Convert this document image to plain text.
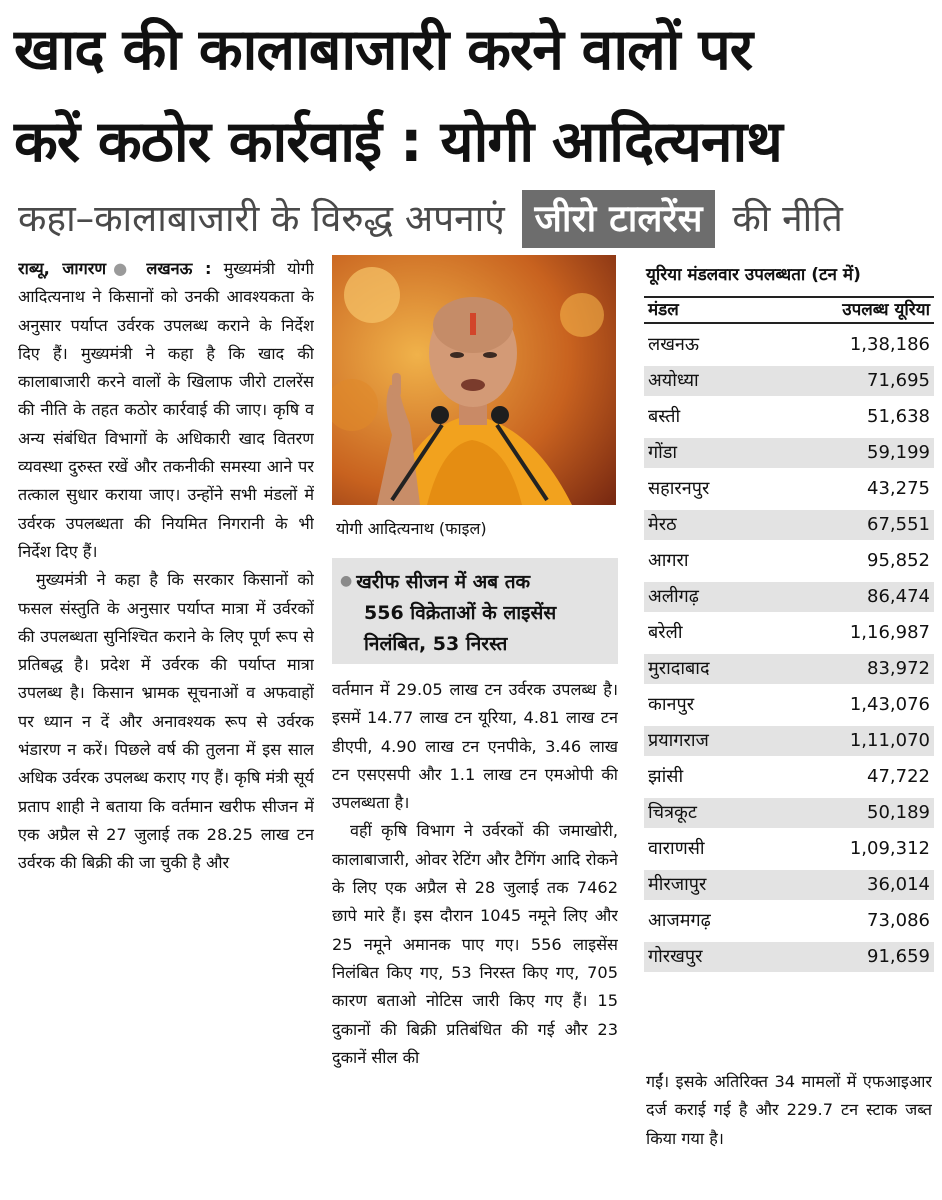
खाद की कालाबाजारी करने वालों पर
करें कठोर कार्रवाई : योगी आदित्यनाथ
कहा–कालाबाजारी के विरुद्ध अपनाएं जीरो टालरेंस की नीति

राब्यू, जागरण● लखनऊ : मुख्यमंत्री योगी आदित्यनाथ ने किसानों को उनकी आवश्यकता के अनुसार पर्याप्त उर्वरक उपलब्ध कराने के निर्देश दिए हैं। मुख्यमंत्री ने कहा है कि खाद की कालाबाजारी करने वालों के खिलाफ जीरो टालरेंस की नीति के तहत कठोर कार्रवाई की जाए। कृषि व अन्य संबंधित विभागों के अधिकारी खाद वितरण व्यवस्था दुरुस्त रखें और तकनीकी समस्या आने पर तत्काल सुधार कराया जाए। उन्होंने सभी मंडलों में उर्वरक उपलब्धता की नियमित निगरानी के भी निर्देश दिए हैं।

मुख्यमंत्री ने कहा है कि सरकार किसानों को फसल संस्तुति के अनुसार पर्याप्त मात्रा में उर्वरकों की उपलब्धता सुनिश्चित कराने के लिए पूर्ण रूप से प्रतिबद्ध है। प्रदेश में उर्वरक की पर्याप्त मात्रा उपलब्ध है। किसान भ्रामक सूचनाओं व अफवाहों पर ध्यान न दें और अनावश्यक रूप से उर्वरक भंडारण न करें। पिछले वर्ष की तुलना में इस साल अधिक उर्वरक उपलब्ध कराए गए हैं। कृषि मंत्री सूर्य प्रताप शाही ने बताया कि वर्तमान खरीफ सीजन में एक अप्रैल से 27 जुलाई तक 28.25 लाख टन उर्वरक की बिक्री की जा चुकी है और

योगी आदित्यनाथ (फाइल)
● खरीफ सीजन में अब तक
556 विक्रेताओं के लाइसेंस
निलंबित, 53 निरस्त

वर्तमान में 29.05 लाख टन उर्वरक उपलब्ध है। इसमें 14.77 लाख टन यूरिया, 4.81 लाख टन डीएपी, 4.90 लाख टन एनपीके, 3.46 लाख टन एसएसपी और 1.1 लाख टन एमओपी की उपलब्धता है।

वहीं कृषि विभाग ने उर्वरकों की जमाखोरी, कालाबाजारी, ओवर रेटिंग और टैगिंग आदि रोकने के लिए एक अप्रैल से 28 जुलाई तक 7462 छापे मारे हैं। इस दौरान 1045 नमूने लिए और 25 नमूने अमानक पाए गए। 556 लाइसेंस निलंबित किए गए, 53 निरस्त किए गए, 705 कारण बताओ नोटिस जारी किए गए हैं। 15 दुकानों की बिक्री प्रतिबंधित की गई और 23 दुकानें सील की

यूरिया मंडलवार उपलब्धता (टन में)
मंडल	उपलब्ध यूरिया
लखनऊ	1,38,186
अयोध्या	71,695
बस्ती	51,638
गोंडा	59,199
सहारनपुर	43,275
मेरठ	67,551
आगरा	95,852
अलीगढ़	86,474
बरेली	1,16,987
मुरादाबाद	83,972
कानपुर	1,43,076
प्रयागराज	1,11,070
झांसी	47,722
चित्रकूट	50,189
वाराणसी	1,09,312
मीरजापुर	36,014
आजमगढ़	73,086
गोरखपुर	91,659

गईं। इसके अतिरिक्त 34 मामलों में एफआइआर दर्ज कराई गई है और 229.7 टन स्टाक जब्त किया गया है।
